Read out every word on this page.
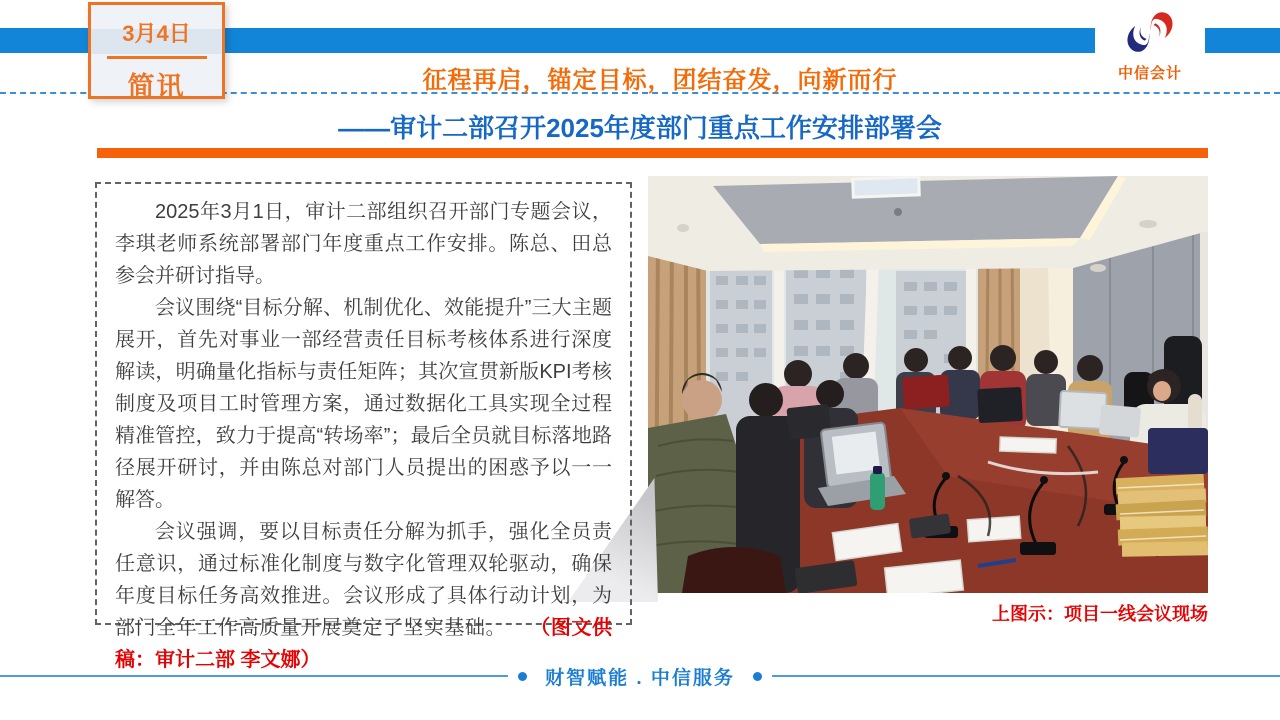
3月4日
简讯	中信会计
征程再启，锚定目标，团结奋发，向新而行
——审计二部召开2025年度部门重点工作安排部署会

2025年3月1日，审计二部组织召开部门专题会议，李琪老师系统部署部门年度重点工作安排。陈总、田总参会并研讨指导。

会议围绕“目标分解、机制优化、效能提升”三大主题展开，首先对事业一部经营责任目标考核体系进行深度解读，明确量化指标与责任矩阵；其次宣贯新版KPI考核制度及项目工时管理方案，通过数据化工具实现全过程精准管控，致力于提高“转场率”；最后全员就目标落地路径展开研讨，并由陈总对部门人员提出的困惑予以一一解答。

会议强调，要以目标责任分解为抓手，强化全员责任意识，通过标准化制度与数字化管理双轮驱动，确保年度目标任务高效推进。会议形成了具体行动计划，为部门全年工作高质量开展奠定了坚实基础。 （图文供稿：审计二部 李文娜）

上图示：项目一线会议现场
财智赋能 . 中信服务
